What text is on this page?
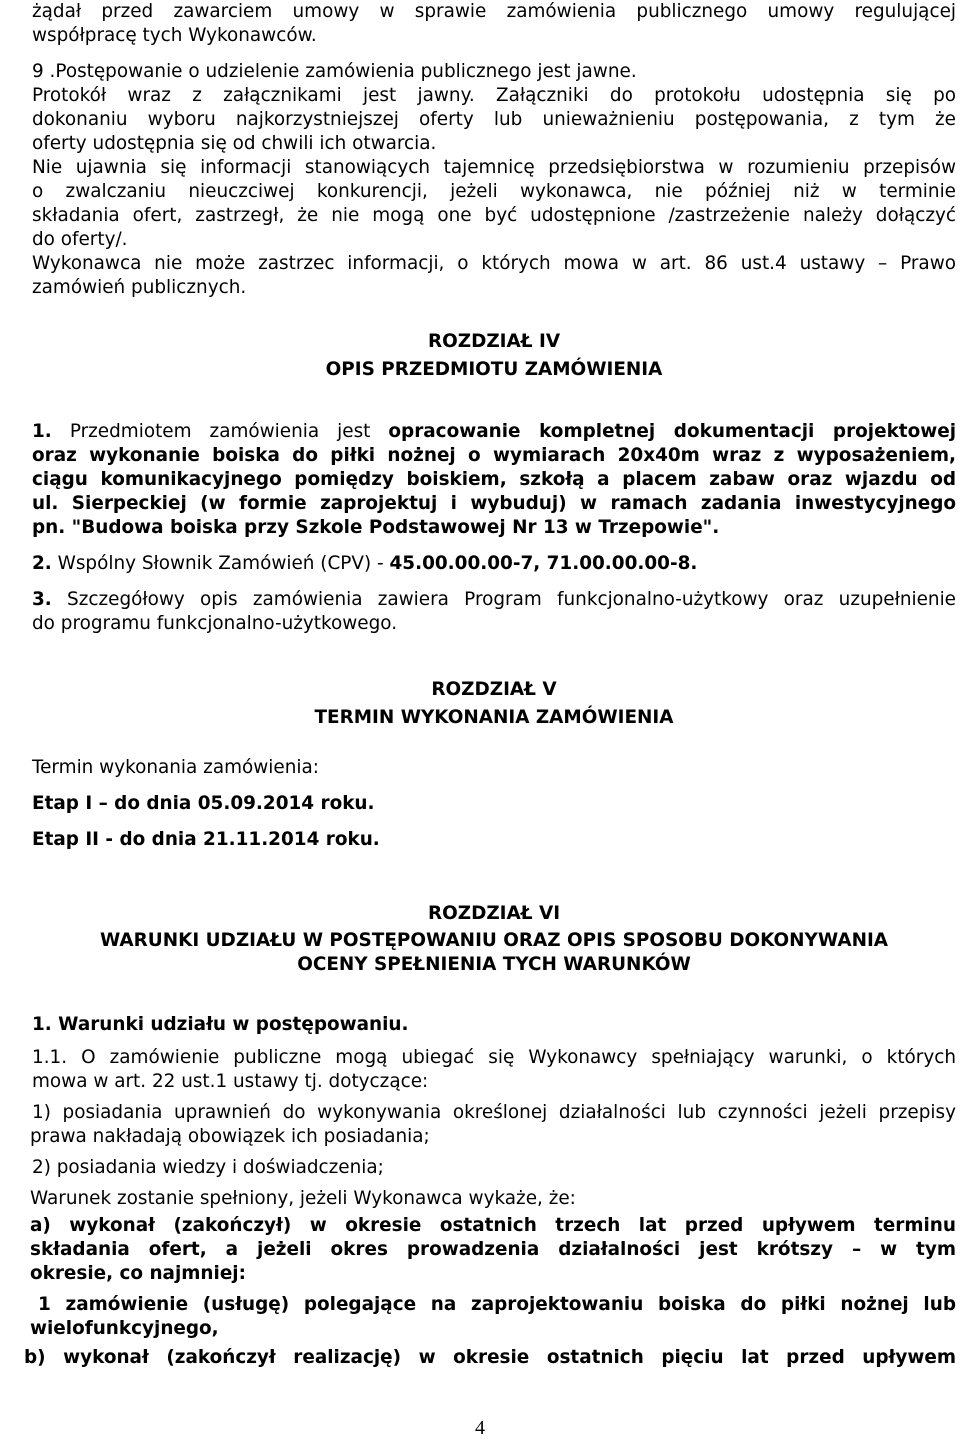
żądał przed zawarciem umowy w sprawie zamówienia publicznego umowy regulującej

współpracę tych Wykonawców.

9 .Postępowanie o udzielenie zamówienia publicznego jest jawne.

Protokół wraz z załącznikami jest jawny. Załączniki do protokołu udostępnia się po

dokonaniu wyboru najkorzystniejszej oferty lub unieważnieniu postępowania, z tym że

oferty udostępnia się od chwili ich otwarcia.

Nie ujawnia się informacji stanowiących tajemnicę przedsiębiorstwa w rozumieniu przepisów

o zwalczaniu nieuczciwej konkurencji, jeżeli wykonawca, nie później niż w terminie

składania ofert, zastrzegł, że nie mogą one być udostępnione /zastrzeżenie należy dołączyć

do oferty/.

Wykonawca nie może zastrzec informacji, o których mowa w art. 86 ust.4 ustawy – Prawo

zamówień publicznych.

ROZDZIAŁ IV

OPIS PRZEDMIOTU ZAMÓWIENIA

1. Przedmiotem zamówienia jest opracowanie kompletnej dokumentacji projektowej

oraz wykonanie boiska do piłki nożnej o wymiarach 20x40m wraz z wyposażeniem,

ciągu komunikacyjnego pomiędzy boiskiem, szkołą a placem zabaw oraz wjazdu od

ul. Sierpeckiej (w formie zaprojektuj i wybuduj) w ramach zadania inwestycyjnego

pn. "Budowa boiska przy Szkole Podstawowej Nr 13 w Trzepowie".

2. Wspólny Słownik Zamówień (CPV) - 45.00.00.00-7, 71.00.00.00-8.

3. Szczegółowy opis zamówienia zawiera Program funkcjonalno-użytkowy oraz uzupełnienie

do programu funkcjonalno-użytkowego.

ROZDZIAŁ V

TERMIN WYKONANIA ZAMÓWIENIA

Termin wykonania zamówienia:

Etap I – do dnia 05.09.2014 roku.

Etap II - do dnia 21.11.2014 roku.

ROZDZIAŁ VI

WARUNKI UDZIAŁU W POSTĘPOWANIU ORAZ OPIS SPOSOBU DOKONYWANIA

OCENY SPEŁNIENIA TYCH WARUNKÓW

1. Warunki udziału w postępowaniu.

1.1. O zamówienie publiczne mogą ubiegać się Wykonawcy spełniający warunki, o których

mowa w art. 22 ust.1 ustawy tj. dotyczące:

1) posiadania uprawnień do wykonywania określonej działalności lub czynności jeżeli przepisy

prawa nakładają obowiązek ich posiadania;

2) posiadania wiedzy i doświadczenia;

Warunek zostanie spełniony, jeżeli Wykonawca wykaże, że:

a) wykonał (zakończył) w okresie ostatnich trzech lat przed upływem terminu

składania ofert, a jeżeli okres prowadzenia działalności jest krótszy – w tym

okresie, co najmniej:

1 zamówienie (usługę) polegające na zaprojektowaniu boiska do piłki nożnej lub

wielofunkcyjnego,

b) wykonał (zakończył realizację) w okresie ostatnich pięciu lat przed upływem

4
